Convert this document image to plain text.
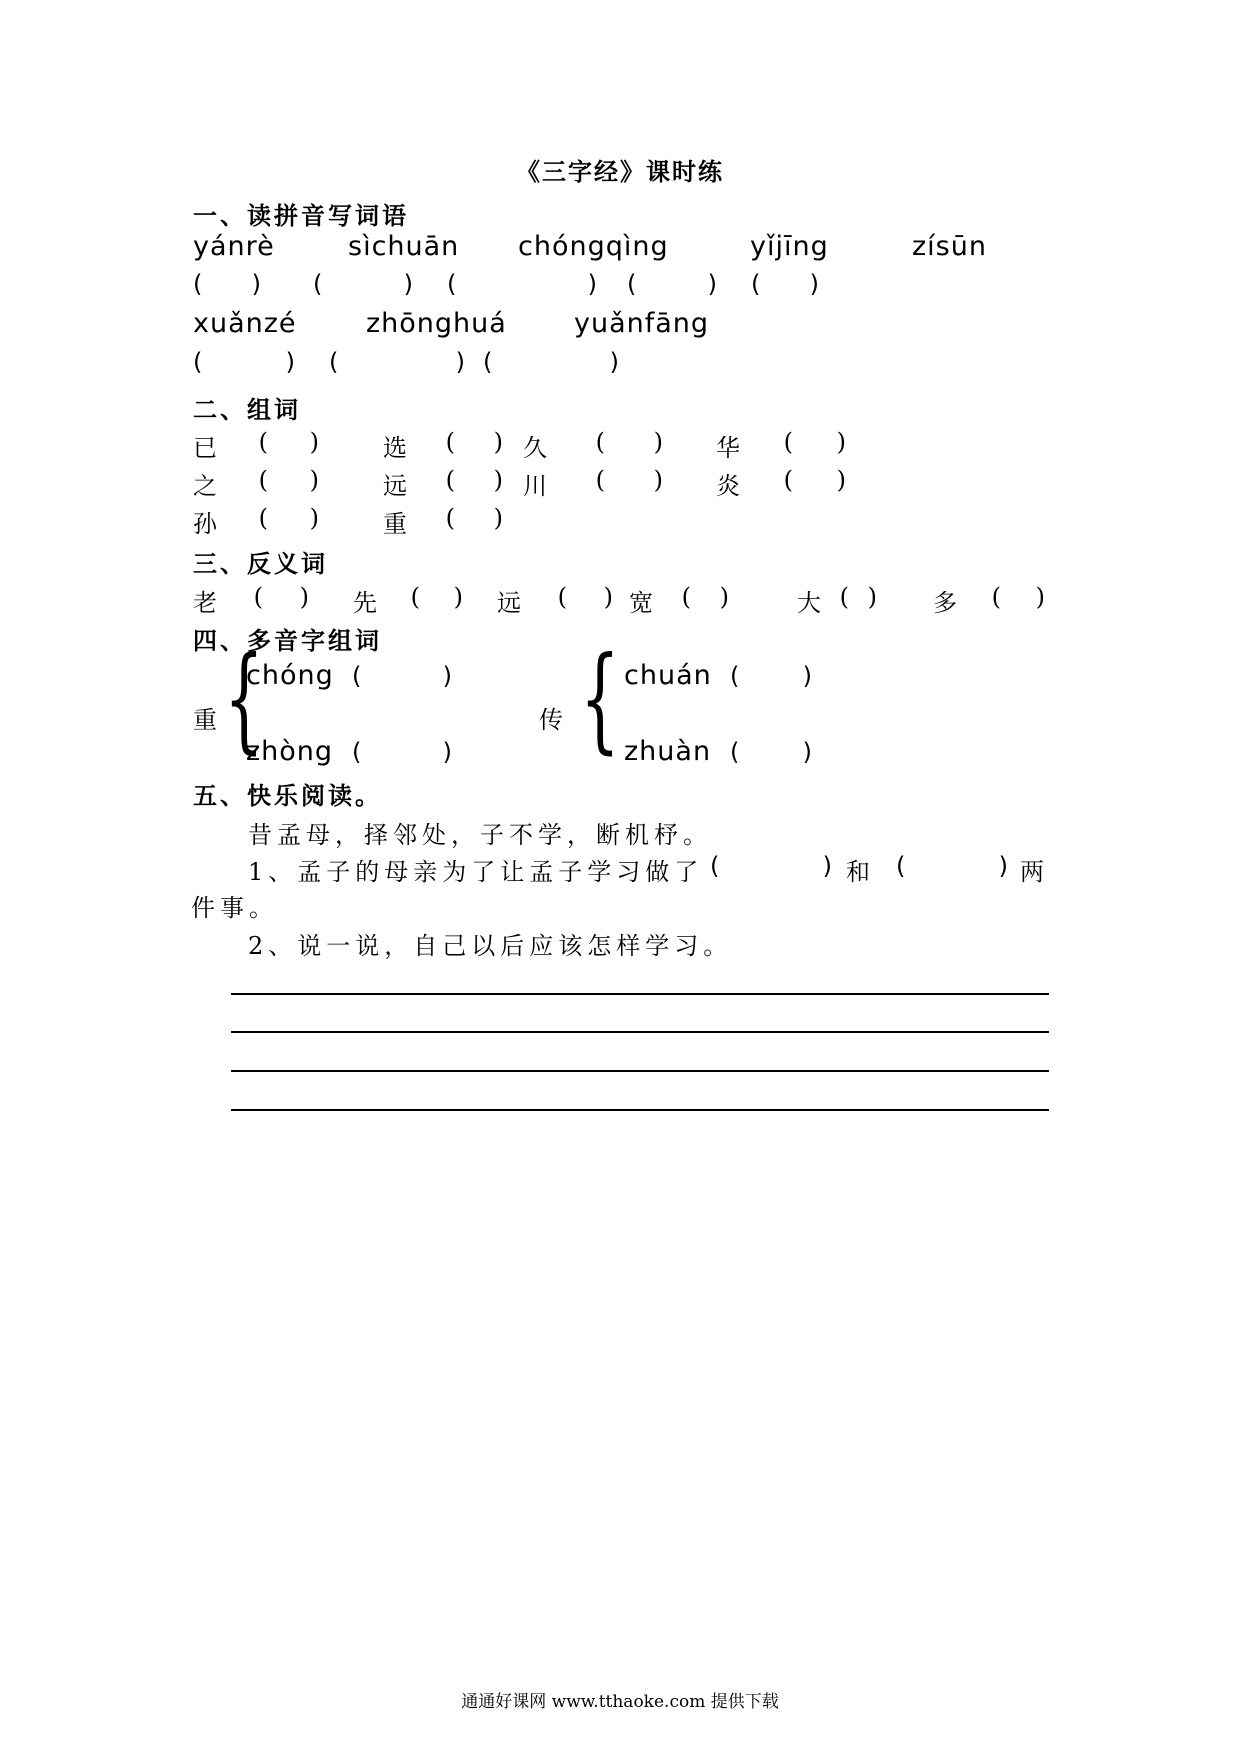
《三字经》课时练
一、读拼音写词语
yánrè	sìchuān chóngqìng	yǐjīng	zísūn
( ) (	) (	) (	) ( )
xuǎnzé	zhōnghuá yuǎnfāng
(	) (	) (	)
二、组词
已 ( )	选 ( ) 久 ( ) 华 ( )
之 ( )	远 ( ) 川 ( ) 炎 ( )
孙 ( )	重 ( )
三、反义词
老 ( ) 先 ( ) 远 ( ) 宽 ( )	大 ( ) 多 ( )
四、多音字组词
重 {
chóng (	)
zhòng (	)
传 { chuán (	)
zhuàn (	)
五、快乐阅读。
昔孟母，择邻处，子不学，断机杼。
1、孟子的母亲为了让孟子学习做了 (	) 和 (	) 两
件事。
2、说一说，自己以后应该怎样学习。
通通好课网 www.tthaoke.com 提供下载
